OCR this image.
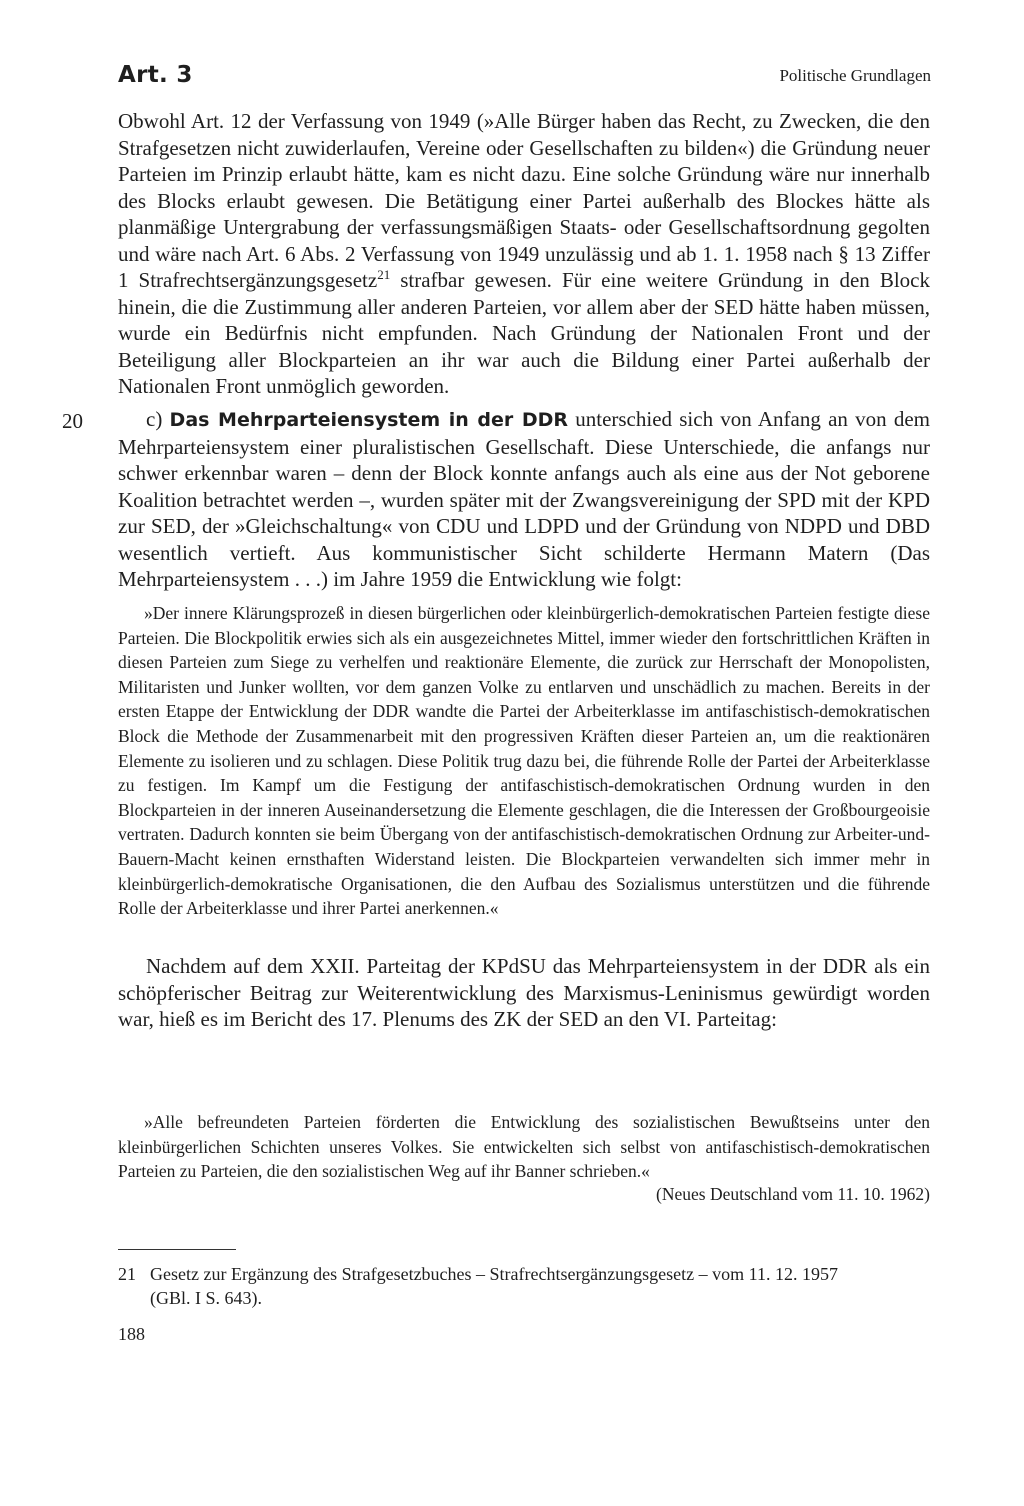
Art. 3	Politische Grundlagen
Obwohl Art. 12 der Verfassung von 1949 (»Alle Bürger haben das Recht, zu Zwecken, die den Strafgesetzen nicht zuwiderlaufen, Vereine oder Gesellschaften zu bilden«) die Gründung neuer Parteien im Prinzip erlaubt hätte, kam es nicht dazu. Eine solche Gründung wäre nur innerhalb des Blocks erlaubt gewesen. Die Betätigung einer Partei außerhalb des Blockes hätte als planmäßige Untergrabung der verfassungsmäßigen Staats- oder Gesellschaftsordnung gegolten und wäre nach Art. 6 Abs. 2 Verfassung von 1949 unzulässig und ab 1. 1. 1958 nach § 13 Ziffer 1 Strafrechtsergänzungsgesetz$^{21}$ strafbar gewesen. Für eine weitere Gründung in den Block hinein, die die Zustimmung aller anderen Parteien, vor allem aber der SED hätte haben müssen, wurde ein Bedürfnis nicht empfunden. Nach Gründung der Nationalen Front und der Beteiligung aller Blockparteien an ihr war auch die Bildung einer Partei außerhalb der Nationalen Front unmöglich geworden.
20	c) Das Mehrparteiensystem in der DDR unterschied sich von Anfang an von dem Mehrparteiensystem einer pluralistischen Gesellschaft. Diese Unterschiede, die anfangs nur schwer erkennbar waren – denn der Block konnte anfangs auch als eine aus der Not geborene Koalition betrachtet werden –, wurden später mit der Zwangsvereinigung der SPD mit der KPD zur SED, der »Gleichschaltung« von CDU und LDPD und der Gründung von NDPD und DBD wesentlich vertieft. Aus kommunistischer Sicht schilderte Hermann Matern (Das Mehrparteiensystem . . .) im Jahre 1959 die Entwicklung wie folgt:
»Der innere Klärungsprozeß in diesen bürgerlichen oder kleinbürgerlich-demokratischen Parteien festigte diese Parteien. Die Blockpolitik erwies sich als ein ausgezeichnetes Mittel, immer wieder den fortschrittlichen Kräften in diesen Parteien zum Siege zu verhelfen und reaktionäre Elemente, die zurück zur Herrschaft der Monopolisten, Militaristen und Junker wollten, vor dem ganzen Volke zu entlarven und unschädlich zu machen. Bereits in der ersten Etappe der Entwicklung der DDR wandte die Partei der Arbeiterklasse im antifaschistisch-demokratischen Block die Methode der Zusammenarbeit mit den progressiven Kräften dieser Parteien an, um die reaktionären Elemente zu isolieren und zu schlagen. Diese Politik trug dazu bei, die führende Rolle der Partei der Arbeiterklasse zu festigen. Im Kampf um die Festigung der antifaschistisch-demokratischen Ordnung wurden in den Blockparteien in der inneren Auseinandersetzung die Elemente geschlagen, die die Interessen der Großbourgeoisie vertraten. Dadurch konnten sie beim Übergang von der antifaschistisch-demokratischen Ordnung zur Arbeiter-und-Bauern-Macht keinen ernsthaften Widerstand leisten. Die Blockparteien verwandelten sich immer mehr in kleinbürgerlich-demokratische Organisationen, die den Aufbau des Sozialismus unterstützen und die führende Rolle der Arbeiterklasse und ihrer Partei anerkennen.«
Nachdem auf dem XXII. Parteitag der KPdSU das Mehrparteiensystem in der DDR als ein schöpferischer Beitrag zur Weiterentwicklung des Marxismus-Leninismus gewürdigt worden war, hieß es im Bericht des 17. Plenums des ZK der SED an den VI. Parteitag:
»Alle befreundeten Parteien förderten die Entwicklung des sozialistischen Bewußtseins unter den kleinbürgerlichen Schichten unseres Volkes. Sie entwickelten sich selbst von antifaschistisch-demokratischen Parteien zu Parteien, die den sozialistischen Weg auf ihr Banner schrieben.«
(Neues Deutschland vom 11. 10. 1962)
21 Gesetz zur Ergänzung des Strafgesetzbuches – Strafrechtsergänzungsgesetz – vom 11. 12. 1957
(GBl. I S. 643).
188
